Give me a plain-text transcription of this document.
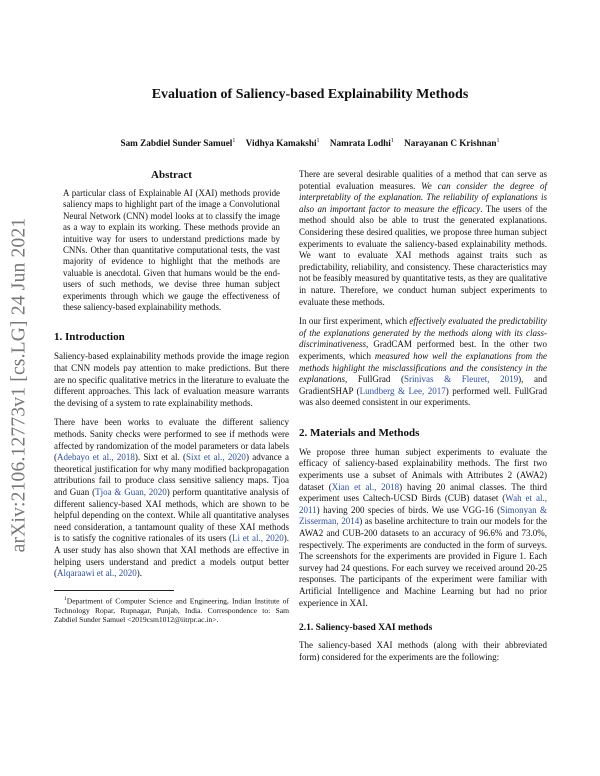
arXiv:2106.12773v1 [cs.LG] 24 Jun 2021
Evaluation of Saliency-based Explainability Methods
Sam Zabdiel Sunder Samuel$^1$ Vidhya Kamakshi$^1$ Namrata Lodhi$^1$ Narayanan C Krishnan$^1$
Abstract

A particular class of Explainable AI (XAI) methods provide saliency maps to highlight part of the image a Convolutional Neural Network (CNN) model looks at to classify the image as a way to explain its working. These methods provide an intuitive way for users to understand predictions made by CNNs. Other than quantitative computational tests, the vast majority of evidence to highlight that the methods are valuable is anecdotal. Given that humans would be the end-users of such methods, we devise three human subject experiments through which we gauge the effectiveness of these saliency-based explainability methods.

1. Introduction

Saliency-based explainability methods provide the image region that CNN models pay attention to make predictions. But there are no specific qualitative metrics in the literature to evaluate the different approaches. This lack of evaluation measure warrants the devising of a system to rate explainability methods.

There have been works to evaluate the different saliency methods. Sanity checks were performed to see if methods were affected by randomization of the model parameters or data labels (Adebayo et al., 2018). Sixt et al. (Sixt et al., 2020) advance a theoretical justification for why many modified backpropagation attributions fail to produce class sensitive saliency maps. Tjoa and Guan (Tjoa & Guan, 2020) perform quantitative analysis of different saliency-based XAI methods, which are shown to be helpful depending on the context. While all quantitative analyses need consideration, a tantamount quality of these XAI methods is to satisfy the cognitive rationales of its users (Li et al., 2020). A user study has also shown that XAI methods are effective in helping users understand and predict a models output better (Alqaraawi et al., 2020).

$^1$Department of Computer Science and Engineering, Indian Institute of Technology Ropar, Rupnagar, Punjab, India. Correspondence to: Sam Zabdiel Sunder Samuel <2019csm1012@iitrpr.ac.in>.

There are several desirable qualities of a method that can serve as potential evaluation measures. We can consider the degree of interpretablity of the explanation. The reliability of explanations is also an important factor to measure the efficacy. The users of the method should also be able to trust the generated explanations. Considering these desired qualities, we propose three human subject experiments to evaluate the saliency-based explainability methods. We want to evaluate XAI methods against traits such as predictability, reliability, and consistency. These characteristics may not be feasibly measured by quantitative tests, as they are qualitative in nature. Therefore, we conduct human subject experiments to evaluate these methods.

In our first experiment, which effectively evaluated the predictability of the explanations generated by the methods along with its class-discriminativeness, GradCAM performed best. In the other two experiments, which measured how well the explanations from the methods highlight the misclassifications and the consistency in the explanations, FullGrad (Srinivas & Fleuret, 2019), and GradientSHAP (Lundberg & Lee, 2017) performed well. FullGrad was also deemed consistent in our experiments.

2. Materials and Methods

We propose three human subject experiments to evaluate the efficacy of saliency-based explainability methods. The first two experiments use a subset of Animals with Attributes 2 (AWA2) dataset (Xian et al., 2018) having 20 animal classes. The third experiment uses Caltech-UCSD Birds (CUB) dataset (Wah et al., 2011) having 200 species of birds. We use VGG-16 (Simonyan & Zisserman, 2014) as baseline architecture to train our models for the AWA2 and CUB-200 datasets to an accuracy of 96.6% and 73.0%, respectively. The experiments are conducted in the form of surveys. The screenshots for the experiments are provided in Figure 1. Each survey had 24 questions. For each survey we received around 20-25 responses. The participants of the experiment were familiar with Artificial Intelligence and Machine Learning but had no prior experience in XAI.

2.1. Saliency-based XAI methods

The saliency-based XAI methods (along with their abbreviated form) considered for the experiments are the following:
